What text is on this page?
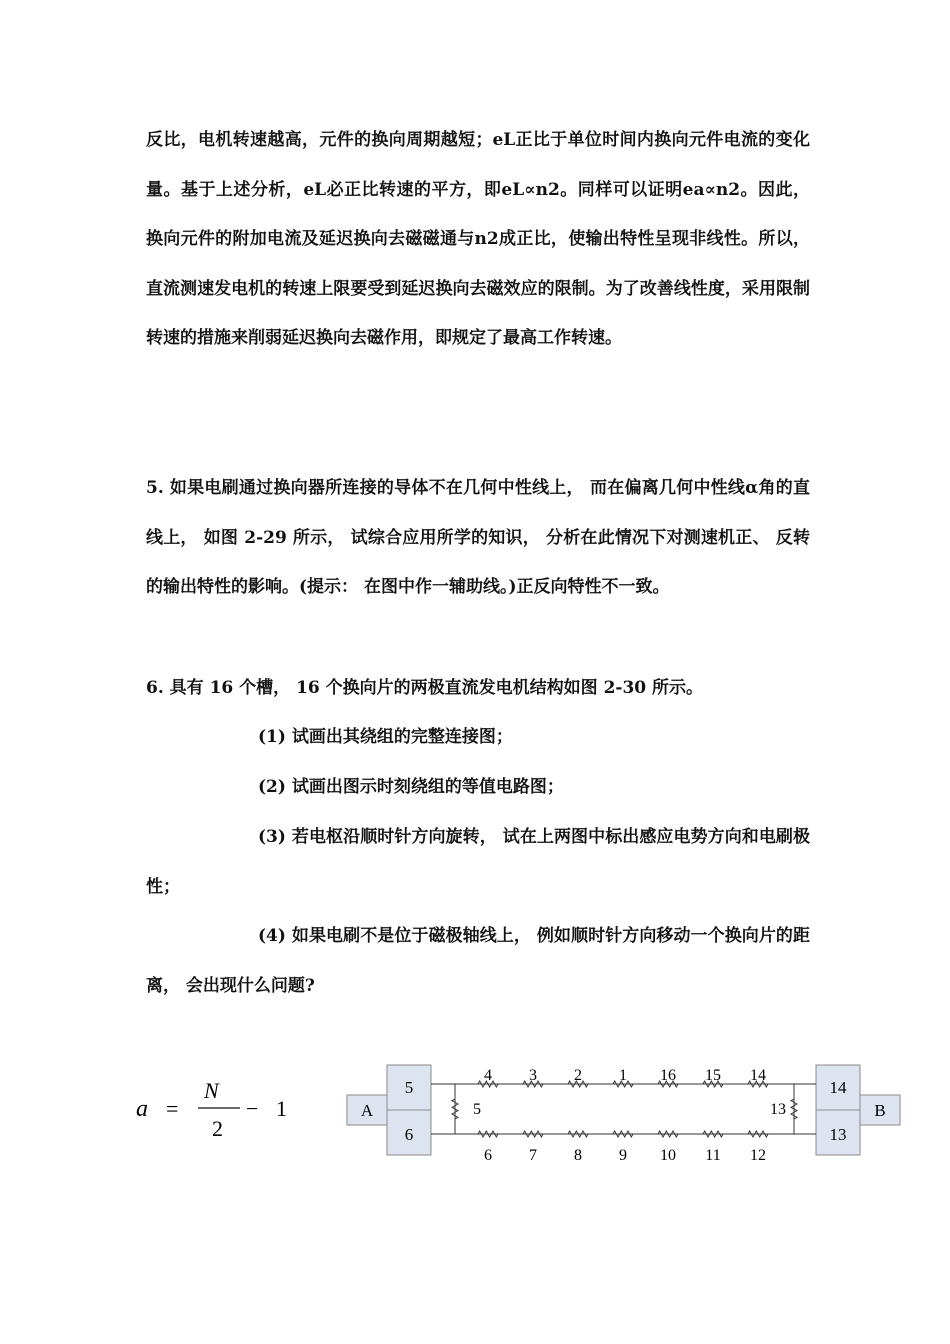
反比，电机转速越高，元件的换向周期越短；eL正比于单位时间内换向元件电流的变化量。基于上述分析，eL必正比转速的平方，即eL∝n2。同样可以证明ea∝n2。因此，换向元件的附加电流及延迟换向去磁磁通与n2成正比，使输出特性呈现非线性。所以，直流测速发电机的转速上限要受到延迟换向去磁效应的限制。为了改善线性度，采用限制转速的措施来削弱延迟换向去磁作用，即规定了最高工作转速。

5. 如果电刷通过换向器所连接的导体不在几何中性线上， 而在偏离几何中性线α角的直线上， 如图 2-29 所示， 试综合应用所学的知识， 分析在此情况下对测速机正、 反转的输出特性的影响。(提示： 在图中作一辅助线。)正反向特性不一致。

6. 具有 16 个槽， 16 个换向片的两极直流发电机结构如图 2-30 所示。

(1) 试画出其绕组的完整连接图；

(2) 试画出图示时刻绕组的等值电路图；

(3) 若电枢沿顺时针方向旋转， 试在上两图中标出感应电势方向和电刷极性；

(4) 如果电刷不是位于磁极轴线上， 例如顺时针方向移动一个换向片的距离， 会出现什么问题?

a =
N
2
− 1	A	B
5
6
14
13
4 3 2 1 16 15 14
6 7 8 9 10 11 12
5	13
